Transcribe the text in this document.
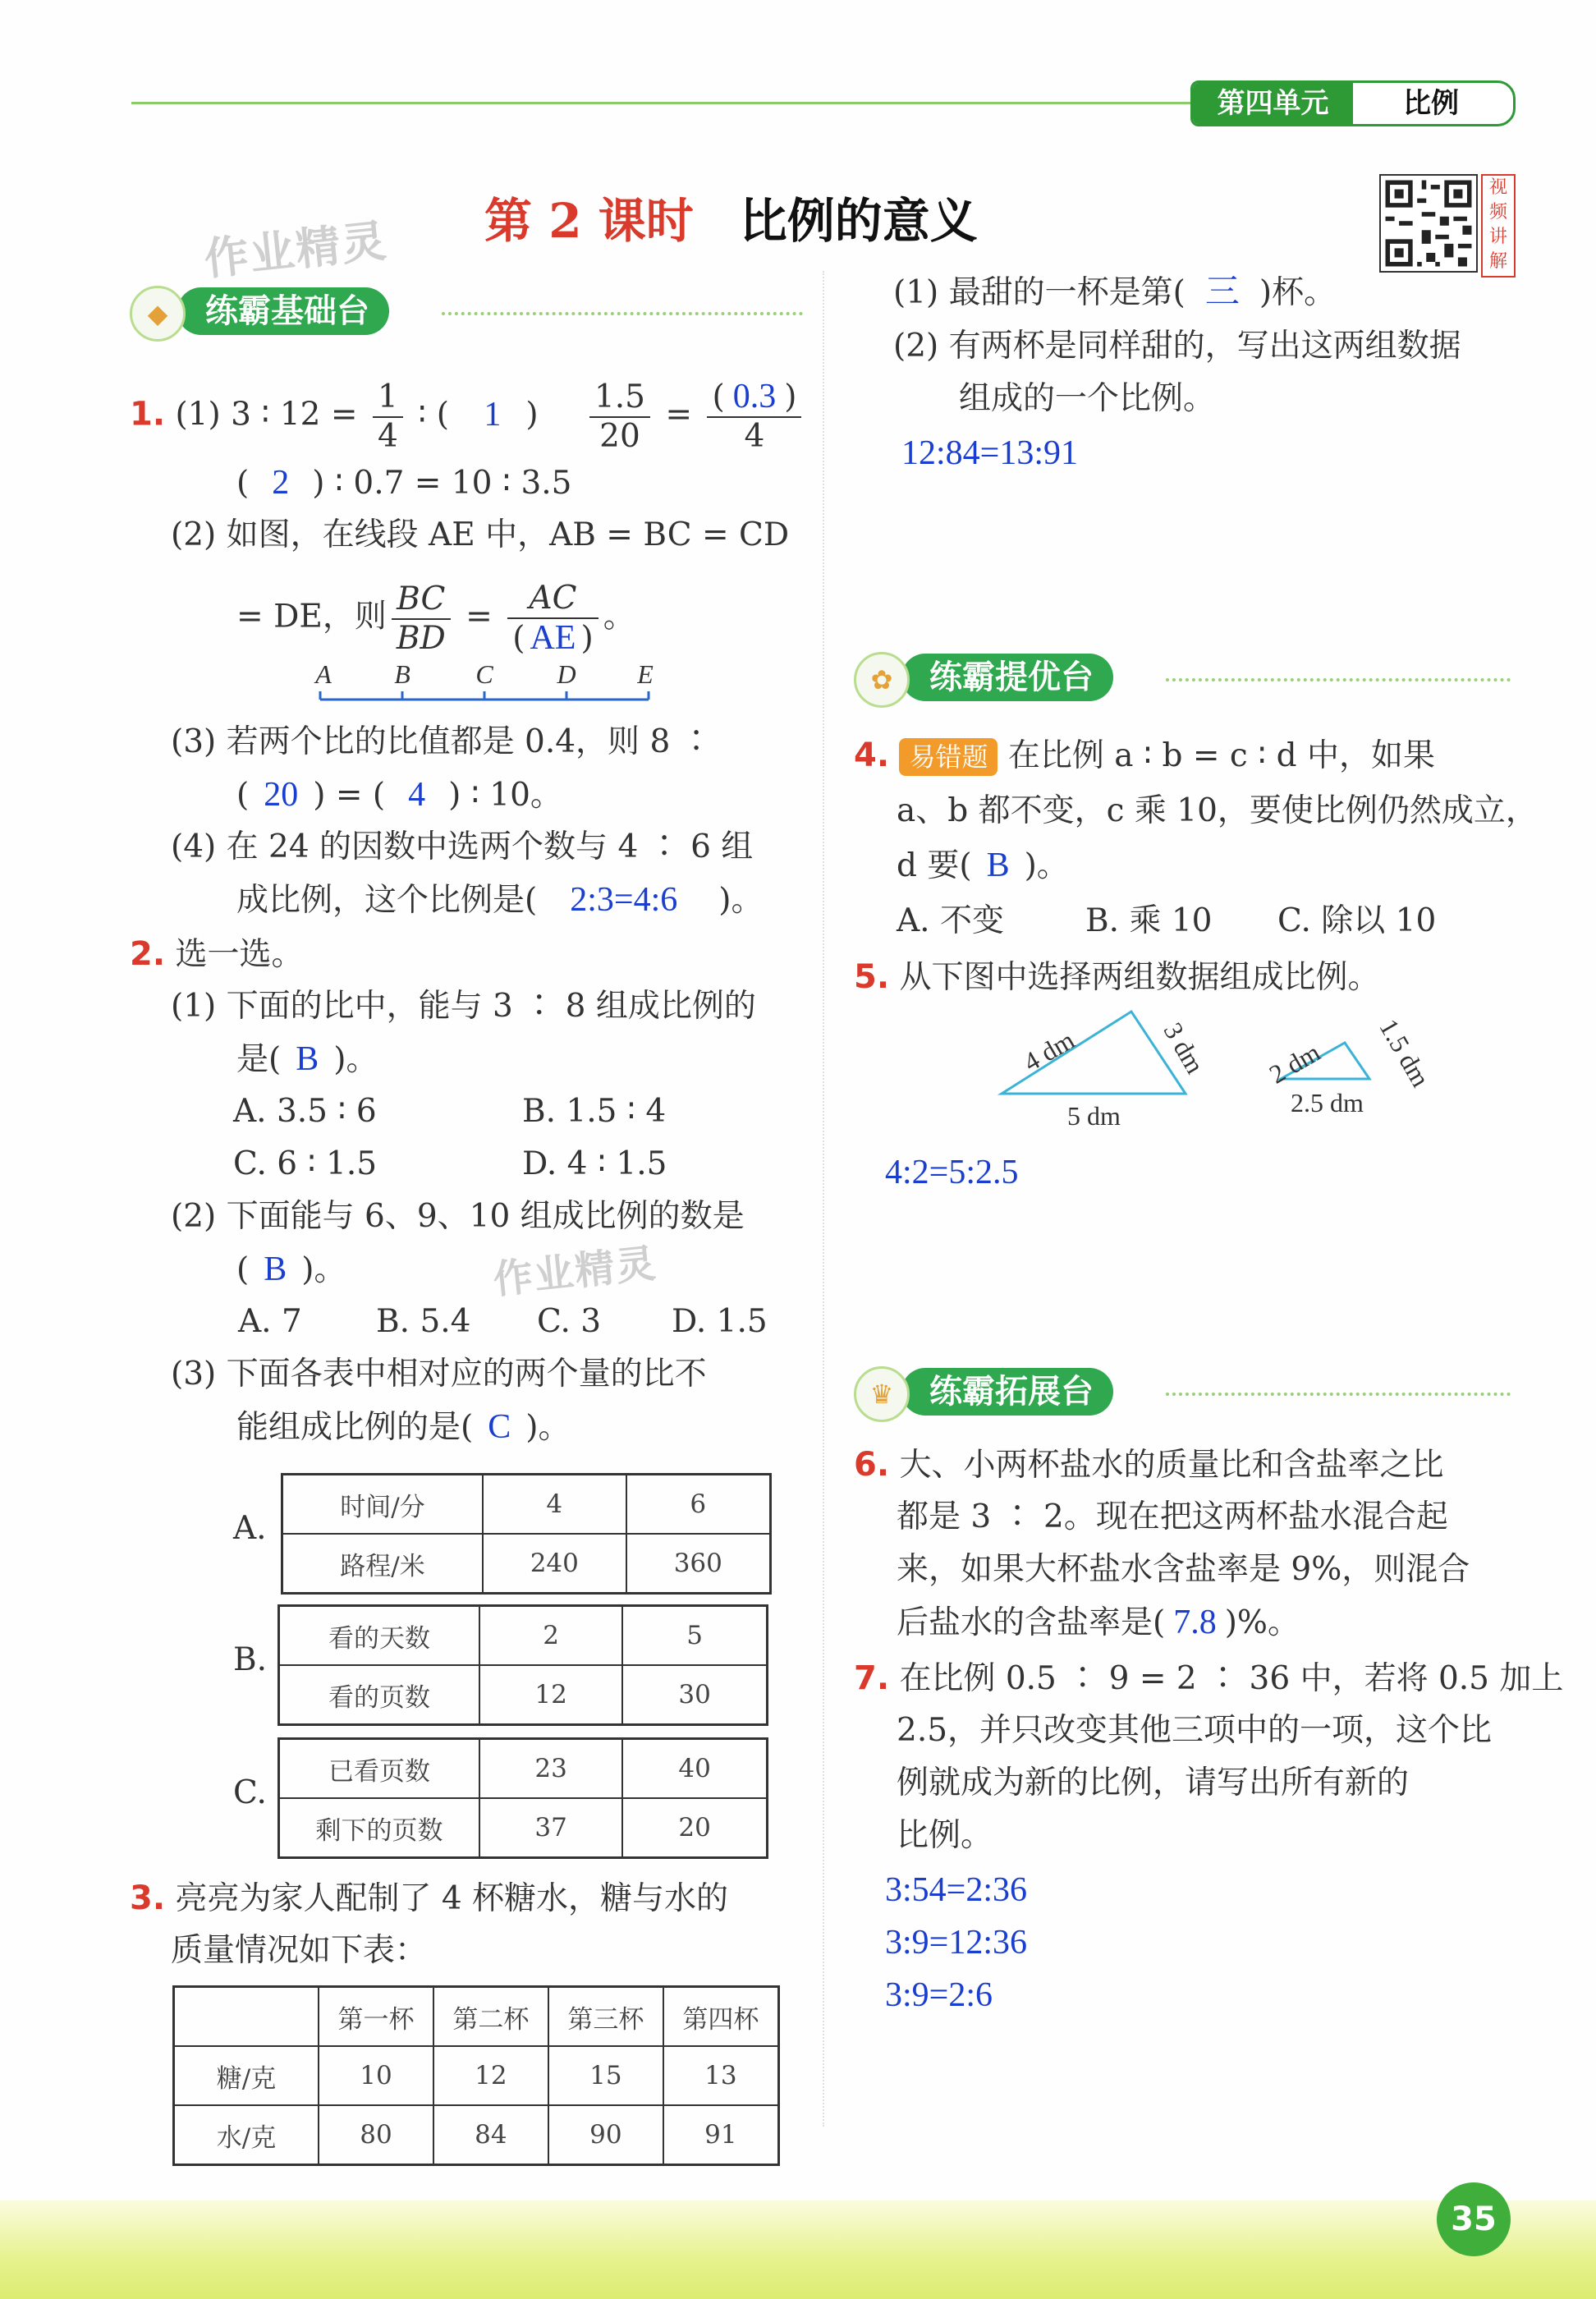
第四单元	比例
第 2 课时 比例的意义
视频讲解
作业精灵
作业精灵
练霸基础台
◆
1. (1) 3 ∶ $12 = \frac{1}{4}$ ∶ ( 1 ) $\frac{1.5}{20} = \frac{( 0.3 )}{4}$
( 2 ) ∶ 0.7 = 10 ∶ 3.5
(2) 如图，在线段 AE 中，AB = BC = CD
= DE，则 $\frac{BC}{BD} = \frac{AC}{( AE )}$ 。
A B C D E
(3) 若两个比的比值都是 0.4，则 8 ∶
( 20 ) = ( 4 ) ∶ 10。
(4) 在 24 的因数中选两个数与 4 ∶ 6 组
成比例，这个比例是( 2:3=4:6 )。
2. 选一选。
(1) 下面的比中，能与 3 ∶ 8 组成比例的
是( B )。
A. 3.5 ∶ 6	B. 1.5 ∶ 4
C. 6 ∶ 1.5	D. 4 ∶ 1.5
(2) 下面能与 6、9、10 组成比例的数是
( B )。
A. 7 B. 5.4 C. 3 D. 1.5
(3) 下面各表中相对应的两个量的比不
能组成比例的是( C )。
A.
时间/分	4	6
路程/米	240	360
B.
看的天数	2	5
看的页数	12	30
C.
已看页数	23	40
剩下的页数	37	20
3. 亮亮为家人配制了 4 杯糖水，糖与水的
质量情况如下表：
	第一杯	第二杯	第三杯	第四杯
糖/克	10	12	15	13
水/克	80	84	90	91
(1) 最甜的一杯是第( 三 )杯。
(2) 有两杯是同样甜的，写出这两组数据
组成的一个比例。
12:84=13:91
练霸提优台
✿
4. 易错题 在比例 a ∶ b = c ∶ d 中，如果
a、b 都不变，c 乘 10，要使比例仍然成立，
d 要( B )。
A. 不变	B. 乘 10 C. 除以 10
5. 从下图中选择两组数据组成比例。
4 dm	3 dm
5 dm
2 dm 1.5 dm
2.5 dm
4:2=5:2.5
练霸拓展台
♛
6. 大、小两杯盐水的质量比和含盐率之比
都是 3 ∶ 2。现在把这两杯盐水混合起
来，如果大杯盐水含盐率是 9%，则混合
后盐水的含盐率是( 7.8 )%。
7. 在比例 0.5 ∶ 9 = 2 ∶ 36 中，若将 0.5 加上
2.5，并只改变其他三项中的一项，这个比
例就成为新的比例，请写出所有新的
比例。
3:54=2:36
3:9=12:36
3:9=2:6
35
